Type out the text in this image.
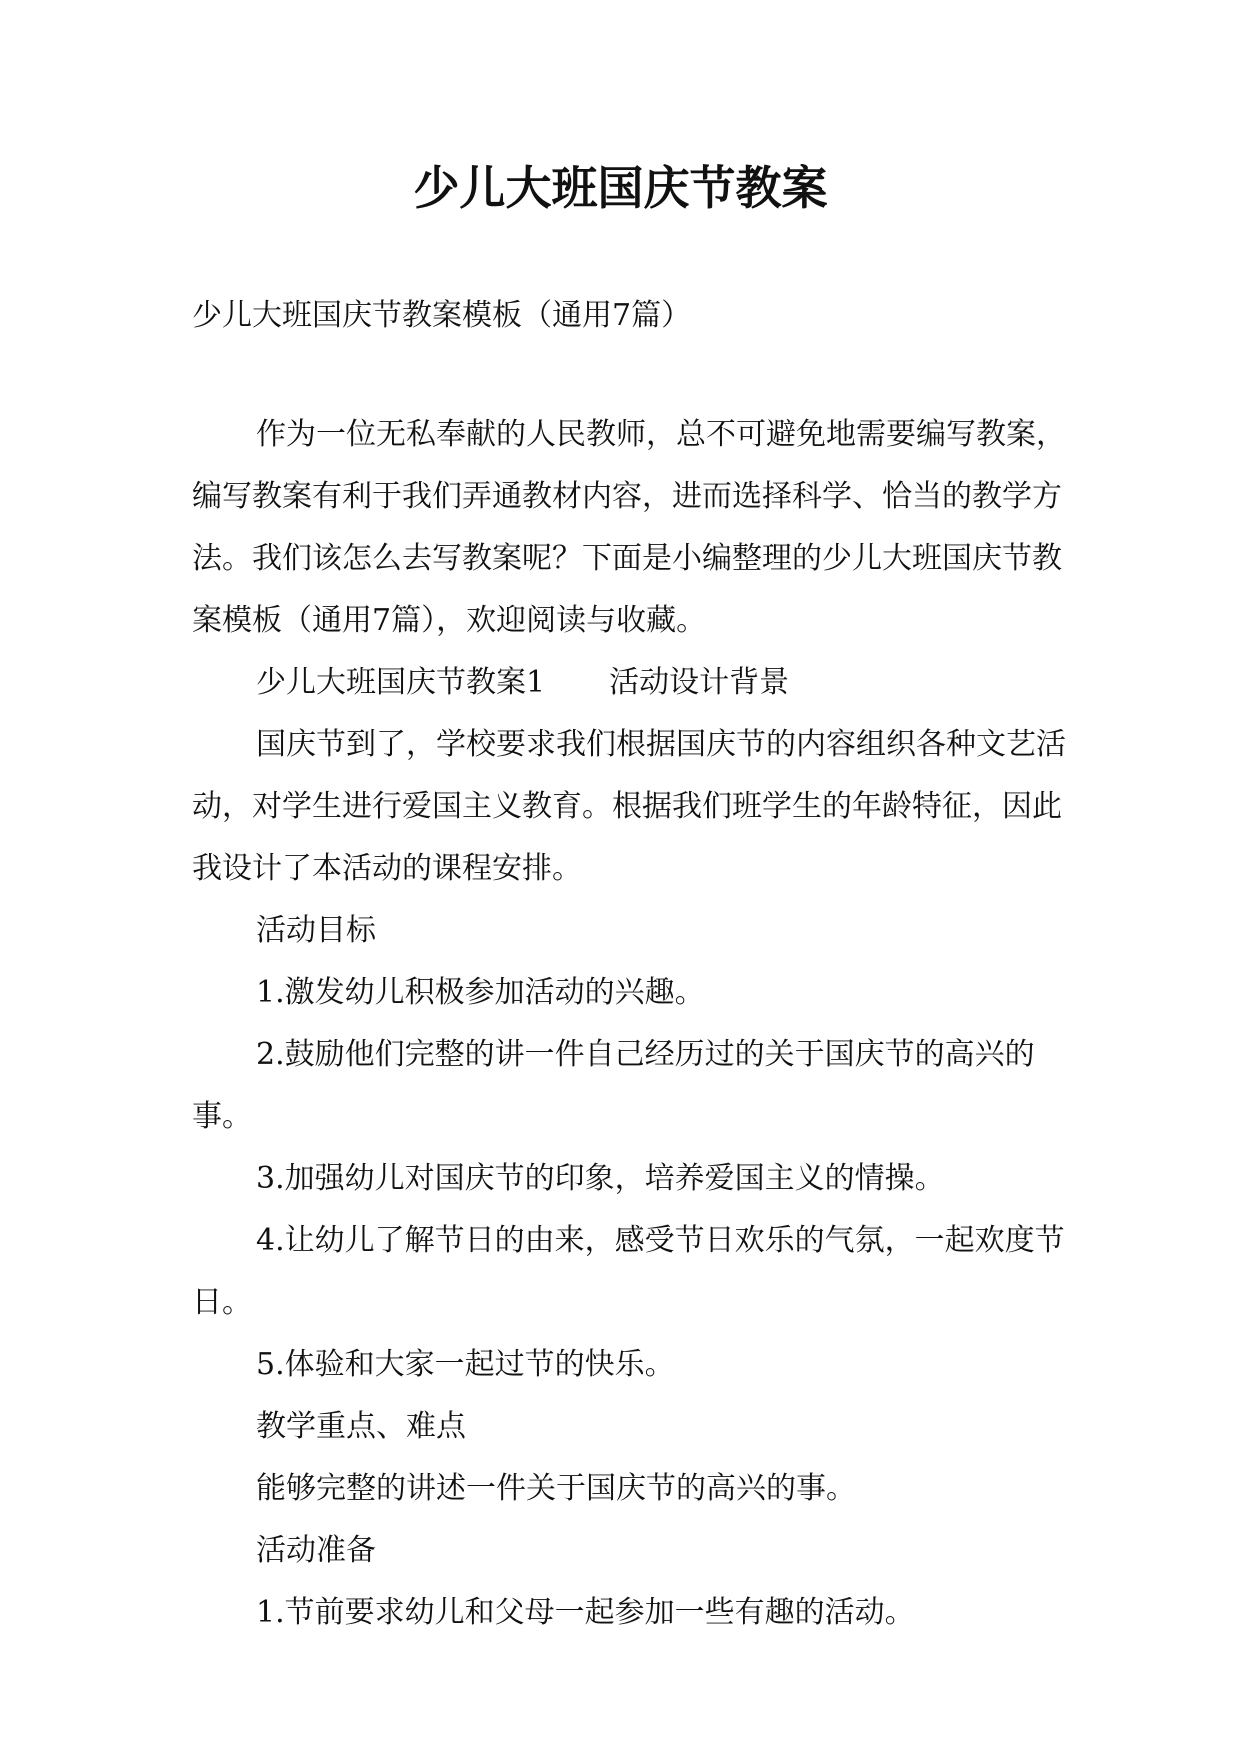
少儿大班国庆节教案

少儿大班国庆节教案模板（通用7篇）

作为一位无私奉献的人民教师，总不可避免地需要编写教案，编写教案有利于我们弄通教材内容，进而选择科学、恰当的教学方法。我们该怎么去写教案呢？下面是小编整理的少儿大班国庆节教案模板（通用7篇），欢迎阅读与收藏。

少儿大班国庆节教案1 活动设计背景

国庆节到了，学校要求我们根据国庆节的内容组织各种文艺活动，对学生进行爱国主义教育。根据我们班学生的年龄特征，因此我设计了本活动的课程安排。

活动目标

1.激发幼儿积极参加活动的兴趣。

2.鼓励他们完整的讲一件自己经历过的关于国庆节的高兴的事。

3.加强幼儿对国庆节的印象，培养爱国主义的情操。

4.让幼儿了解节日的由来，感受节日欢乐的气氛，一起欢度节日。

5.体验和大家一起过节的快乐。

教学重点、难点

能够完整的讲述一件关于国庆节的高兴的事。

活动准备

1.节前要求幼儿和父母一起参加一些有趣的活动。
